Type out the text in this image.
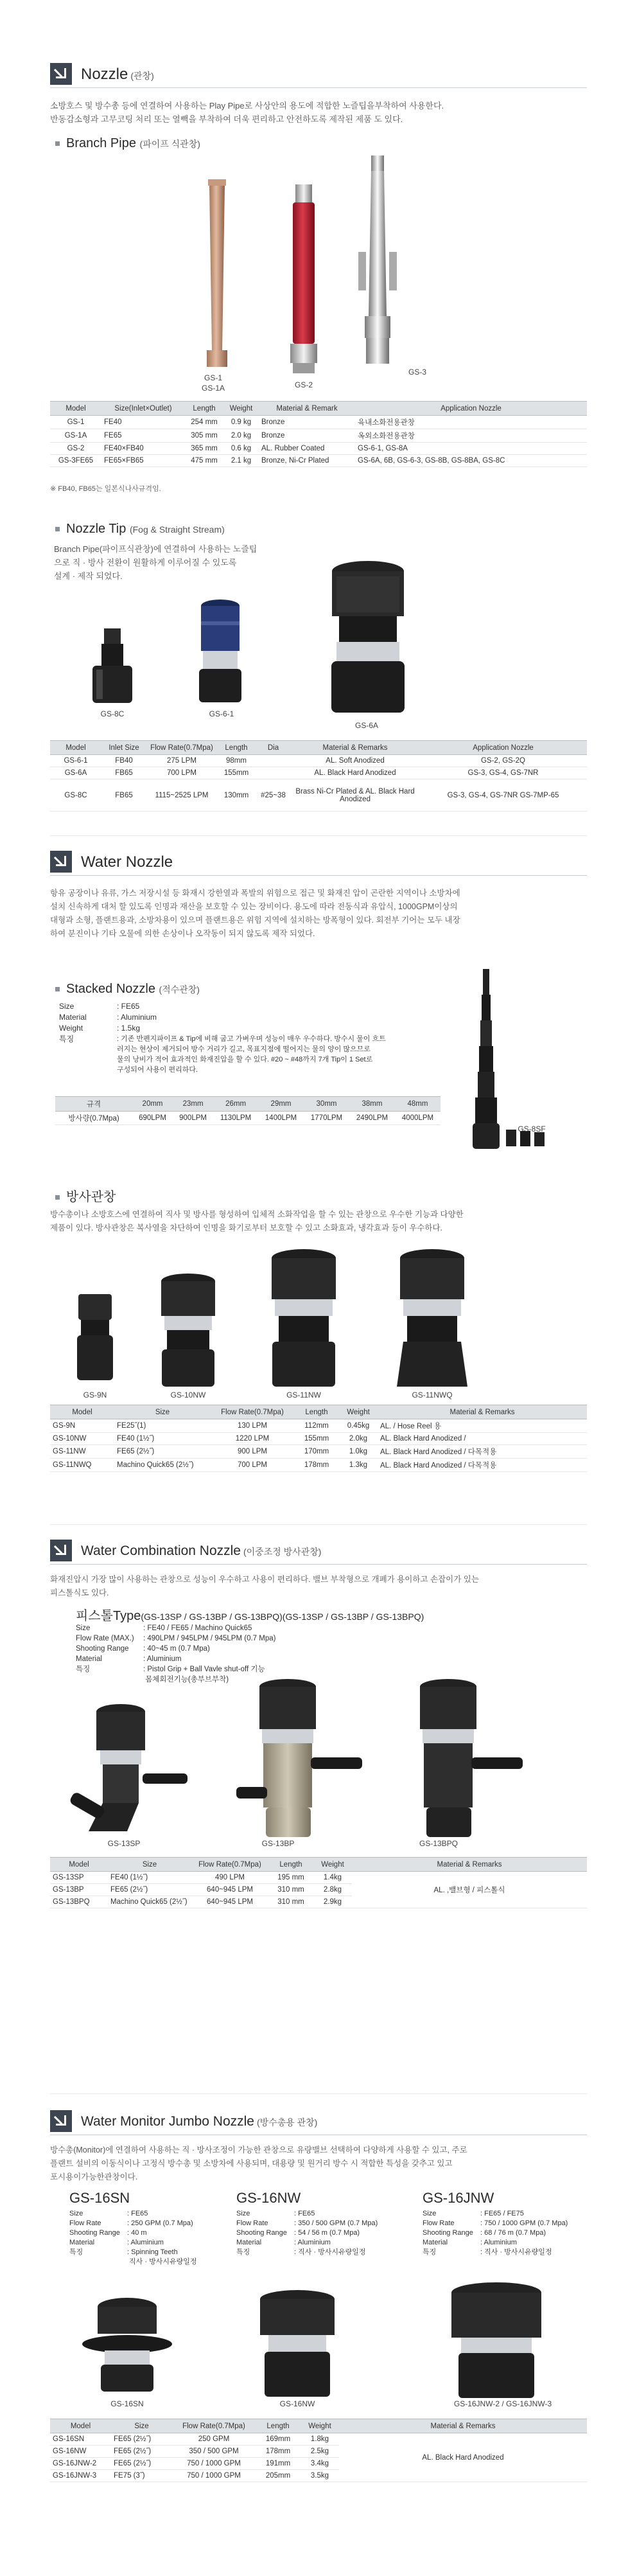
Nozzle (관창)
소방호스 및 방수총 등에 연결하여 사용하는 Play Pipe로 사상안의 용도에 적합한 노즐팁을부착하여 사용한다.
반동감소형과 고무코팅 처리 또는 열빽을 부착하여 더욱 편리하고 안전하도록 제작된 제품 도 있다.
Branch Pipe (파이프 식관창)
GS-1
GS-1A	GS-2
GS-3
Model	Size(Inlet×Outlet)	Length	Weight	Material & Remark	Application Nozzle
GS-1	FE40	254 mm	0.9 kg	Bronze	육내소화전용관창
GS-1A	FE65	305 mm	2.0 kg	Bronze	옥외소화전용관창
GS-2	FE40×FB40	365 mm	0.6 kg	AL. Rubber Coated	GS-6-1, GS-8A
GS-3FE65	FE65×FB65	475 mm	2.1 kg	Bronze, Ni-Cr Plated	GS-6A, 6B, GS-6-3, GS-8B, GS-8BA, GS-8C
※ FB40, FB65는 일본식나사규격임.
Nozzle Tip (Fog & Straight Stream)
Branch Pipe(파이프식관창)에 연결하여 사용하는 노즐팁
으로 직 · 방사 전환이 원활하게 이루어질 수 있도록
설계 · 제작 되었다.
GS-8C	GS-6-1
GS-6A
Model	Inlet Size	Flow Rate(0.7Mpa)	Length	Dia	Material & Remarks	Application Nozzle
GS-6-1	FB40	275 LPM	98mm		AL. Soft Anodized	GS-2, GS-2Q
GS-6A	FB65	700 LPM	155mm		AL. Black Hard Anodized	GS-3, GS-4, GS-7NR
GS-8C	FB65	1115~2525 LPM	130mm	#25~38	Brass Ni-Cr Plated & AL. Black Hard Anodized	GS-3, GS-4, GS-7NR GS-7MP-65
Water Nozzle
항유 공장이나 유류, 가스 저장시설 등 화재시 강한열과 폭발의 위험으로 접근 및 화재진 압이 곤란한 지역이나 소방차에
설치 신속하게 대처 할 있도록 인명과 재산을 보호할 수 있는 장비이다. 용도에 따라 전동식과 유압식, 1000GPM이상의
대형과 소형, 플랜트용과, 소방차용이 있으며 플랜트용은 위험 지역에 설치하는 방폭형이 있다. 회전부 기어는 모두 내장
하여 분진이나 기타 오물에 의한 손상이나 오작동이 되지 않도록 제작 되었다.
Stacked Nozzle (적수관창)
Size	: FE65
Material	: Aluminium
Weight	: 1.5kg
특징	: 기존 반펜지파이프 & Tip에 비해 굽고 가벼우며 성능이 매우 우수하다. 방수시 물이 흐트
러지는 현상이 제거되어 방수 거리가 길고, 목표지점에 떨어지는 물의 양이 많으므로
물의 낭비가 적어 효과적인 화재진압을 할 수 있다. #20 ~ #48까지 7개 Tip이 1 Set로
구성되어 사용이 편리하다.
GS-8SF
규격	20mm	23mm	26mm	29mm	30mm	38mm	48mm
방사량(0.7Mpa)	690LPM	900LPM	1130LPM	1400LPM	1770LPM	2490LPM	4000LPM
방사관창
방수총이나 소방호스에 연결하여 직사 및 방사를 형성하여 입체적 소화작업을 할 수 있는 관창으로 우수한 기능과 다양한
제품이 있다. 방사관창은 복사열을 차단하여 인명을 화기로부터 보호할 수 있고 소화효과, 냉각효과 등이 우수하다.
GS-9N	GS-10NW	GS-11NW	GS-11NWQ
Model	Size	Flow Rate(0.7Mpa)	Length	Weight	Material & Remarks
GS-9N	FE25˝(1)	130 LPM	112mm	0.45kg	AL. / Hose Reel 용
GS-10NW	FE40 (1½˝)	1220 LPM	155mm	2.0kg	AL. Black Hard Anodized /
GS-11NW	FE65 (2½˝)	900 LPM	170mm	1.0kg	AL. Black Hard Anodized / 다목적용
GS-11NWQ	Machino Quick65 (2½˝)	700 LPM	178mm	1.3kg	AL. Black Hard Anodized / 다목적용
Water Combination Nozzle (이중조정 방사관창)
화재진압시 가장 많이 사용하는 관창으로 성능이 우수하고 사용이 편리하다. 밸브 부착형으로 개폐가 용이하고 손잡이가 있는
피스톨식도 있다.
피스톨Type(GS-13SP / GS-13BP / GS-13BPQ)(GS-13SP / GS-13BP / GS-13BPQ)
Size	: FE40 / FE65 / Machino Quick65
Flow Rate (MAX.) : 490LPM / 945LPM / 945LPM (0.7 Mpa)
Shooting Range : 40~45 m (0.7 Mpa)
Material	: Aluminium
특징	: Pistol Grip + Ball Vavle shut-off 기능
몸체회전기능(총부브부착)
GS-13SP	GS-13BP	GS-13BPQ
Model	Size	Flow Rate(0.7Mpa)	Length	Weight	Material & Remarks
GS-13SP	FE40 (1½˝)	490 LPM	195 mm	1.4kg	AL. ,밸브형 / 피스톨식
GS-13BP	FE65 (2½˝)	640~945 LPM	310 mm	2.8kg	
GS-13BPQ	Machino Quick65 (2½˝)	640~945 LPM	310 mm	2.9kg	
Water Monitor Jumbo Nozzle (방수총용 관창)
방수총(Monitor)에 연결하여 사용하는 직 · 방사조정이 가능한 관창으로 유량밸브 선택하여 다양하게 사용할 수 있고, 주로
플랜트 설비의 이동식이나 고정식 방수총 및 소방차에 사용되며, 대용량 및 원거리 방수 시 적합한 특성을 갖추고 있고
포시용이가능한관창이다.
GS-16SN
Size	: FE65
Flow Rate	: 250 GPM (0.7 Mpa)
Shooting Range : 40 m
Material	: Aluminium
특징	: Spinning Teeth
직사 · 방사시유량일정
GS-16NW
Size	: FE65
Flow Rate	: 350 / 500 GPM (0.7 Mpa)
Shooting Range : 54 / 56 m (0.7 Mpa)
Material	: Aluminium
특징	: 직사 · 방사시유량일정
GS-16JNW
Size	: FE65 / FE75
Flow Rate	: 750 / 1000 GPM (0.7 Mpa)
Shooting Range : 68 / 76 m (0.7 Mpa)
Material	: Aluminium
특징	: 직사 · 방사시유량일정
GS-16SN	GS-16NW	GS-16JNW-2 / GS-16JNW-3
Model	Size	Flow Rate(0.7Mpa)	Length	Weight	Material & Remarks
GS-16SN	FE65 (2½˝)	250 GPM	169mm	1.8kg	AL. Black Hard Anodized
GS-16NW	FE65 (2½˝)	350 / 500 GPM	178mm	2.5kg	
GS-16JNW-2	FE65 (2½˝)	750 / 1000 GPM	191mm	3.4kg	
GS-16JNW-3	FE75 (3˝)	750 / 1000 GPM	205mm	3.5kg	
